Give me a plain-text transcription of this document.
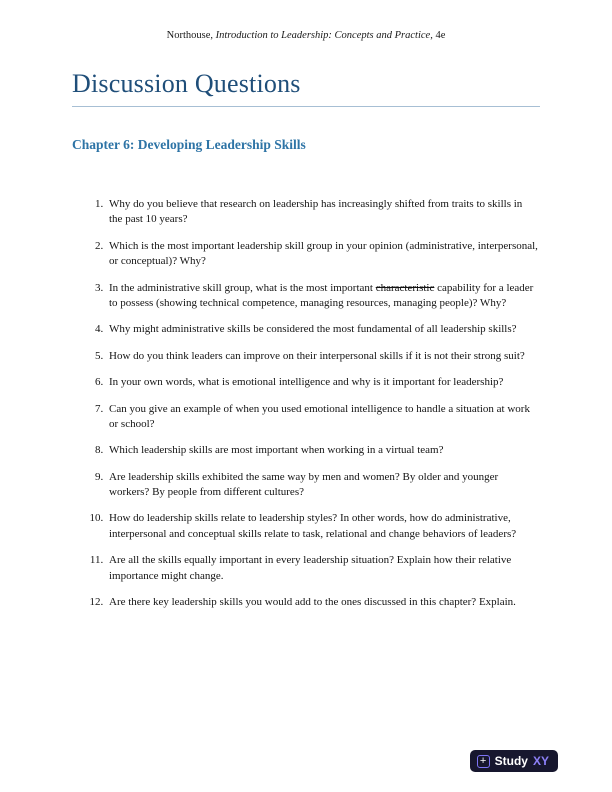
Northouse, Introduction to Leadership: Concepts and Practice, 4e
Discussion Questions
Chapter 6: Developing Leadership Skills
1. Why do you believe that research on leadership has increasingly shifted from traits to skills in the past 10 years?
2. Which is the most important leadership skill group in your opinion (administrative, interpersonal, or conceptual)? Why?
3. In the administrative skill group, what is the most important characteristic capability for a leader to possess (showing technical competence, managing resources, managing people)? Why?
4. Why might administrative skills be considered the most fundamental of all leadership skills?
5. How do you think leaders can improve on their interpersonal skills if it is not their strong suit?
6. In your own words, what is emotional intelligence and why is it important for leadership?
7. Can you give an example of when you used emotional intelligence to handle a situation at work or school?
8. Which leadership skills are most important when working in a virtual team?
9. Are leadership skills exhibited the same way by men and women? By older and younger workers? By people from different cultures?
10. How do leadership skills relate to leadership styles? In other words, how do administrative, interpersonal and conceptual skills relate to task, relational and change behaviors of leaders?
11. Are all the skills equally important in every leadership situation? Explain how their relative importance might change.
12. Are there key leadership skills you would add to the ones discussed in this chapter? Explain.
+ Study XY
